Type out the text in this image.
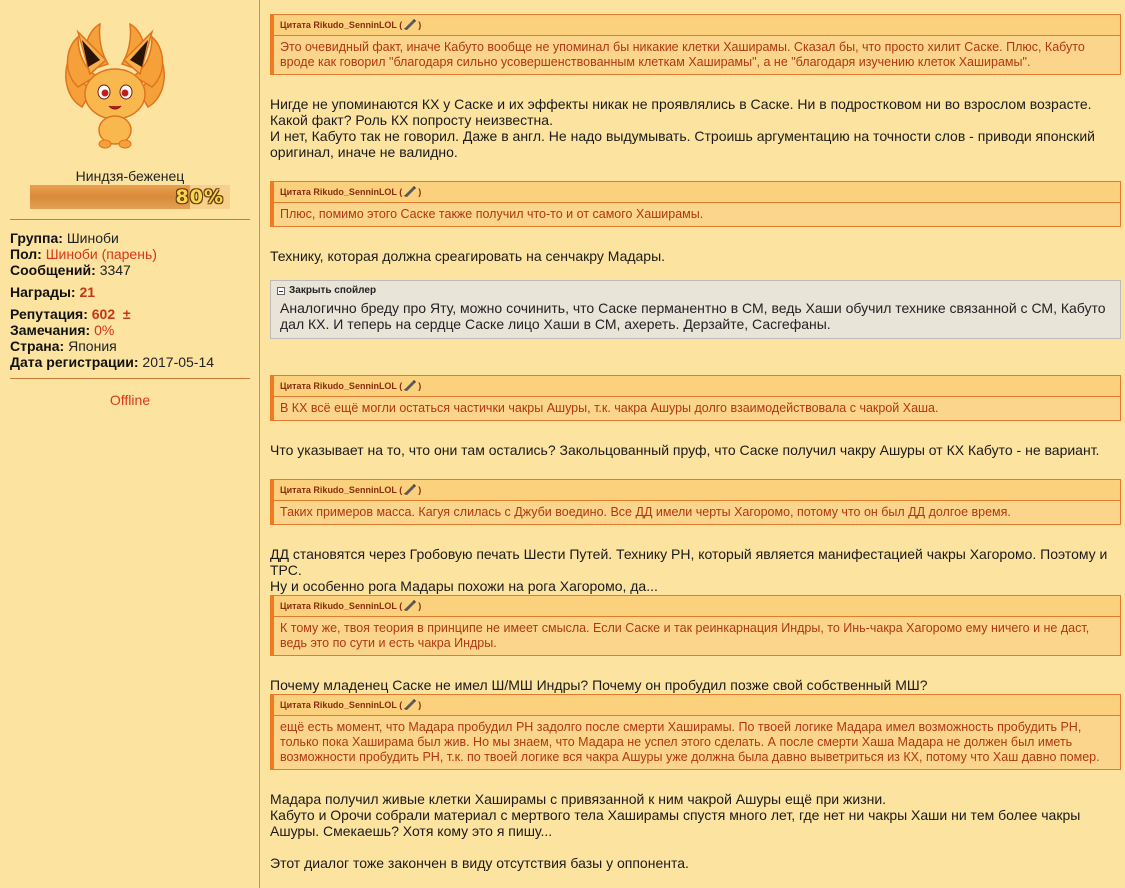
Ниндзя-беженец
80%
Группа: Шиноби
Пол: Шиноби (парень)
Сообщений: 3347
Награды: 21
Репутация: 602 ±
Замечания: 0%
Страна: Япония
Дата регистрации: 2017-05-14
Offline
Цитата Rikudo_SenninLOL ( )
Это очевидный факт, иначе Кабуто вообще не упоминал бы никакие клетки Хаширамы. Сказал бы, что просто хилит Саске. Плюс, Кабуто вроде как говорил "благодаря сильно усовершенствованным клеткам Хаширамы", а не "благодаря изучению клеток Хаширамы".

Нигде не упоминаются КХ у Саске и их эффекты никак не проявлялись в Саске. Ни в подростковом ни во взрослом возрасте.

Какой факт? Роль КХ попросту неизвестна.

И нет, Кабуто так не говорил. Даже в англ. Не надо выдумывать. Строишь аргументацию на точности слов - приводи японский оригинал, иначе не валидно.

Цитата Rikudo_SenninLOL ( )
Плюс, помимо этого Саске также получил что-то и от самого Хаширамы.

Технику, которая должна среагировать на сенчакру Мадары.

Закрыть спойлер
Аналогично бреду про Яту, можно сочинить, что Саске перманентно в СМ, ведь Хаши обучил технике связанной с СМ, Кабуто дал КХ. И теперь на сердце Саске лицо Хаши в СМ, ахереть. Дерзайте, Сасгефаны.
Цитата Rikudo_SenninLOL ( )
В КХ всё ещё могли остаться частички чакры Ашуры, т.к. чакра Ашуры долго взаимодействовала с чакрой Хаша.

Что указывает на то, что они там остались? Закольцованный пруф, что Саске получил чакру Ашуры от КХ Кабуто - не вариант.

Цитата Rikudo_SenninLOL ( )
Таких примеров масса. Кагуя слилась с Джуби воедино. Все ДД имели черты Хагоромо, потому что он был ДД долгое время.

ДД становятся через Гробовую печать Шести Путей. Технику РН, который является манифестацией чакры Хагоромо. Поэтому и ТРС.

Ну и особенно рога Мадары похожи на рога Хагоромо, да...

Цитата Rikudo_SenninLOL ( )
К тому же, твоя теория в принципе не имеет смысла. Если Саске и так реинкарнация Индры, то Инь-чакра Хагоромо ему ничего и не даст, ведь это по сути и есть чакра Индры.

Почему младенец Саске не имел Ш/МШ Индры? Почему он пробудил позже свой собственный МШ?

Цитата Rikudo_SenninLOL ( )
ещё есть момент, что Мадара пробудил РН задолго после смерти Хаширамы. По твоей логике Мадара имел возможность пробудить РН, только пока Хаширама был жив. Но мы знаем, что Мадара не успел этого сделать. А после смерти Хаша Мадара не должен был иметь возможности пробудить РН, т.к. по твоей логике вся чакра Ашуры уже должна была давно выветриться из КХ, потому что Хаш давно помер.

Мадара получил живые клетки Хаширамы с привязанной к ним чакрой Ашуры ещё при жизни.

Кабуто и Орочи собрали материал с мертвого тела Хаширамы спустя много лет, где нет ни чакры Хаши ни тем более чакры Ашуры. Смекаешь? Хотя кому это я пишу...

Этот диалог тоже закончен в виду отсутствия базы у оппонента.
